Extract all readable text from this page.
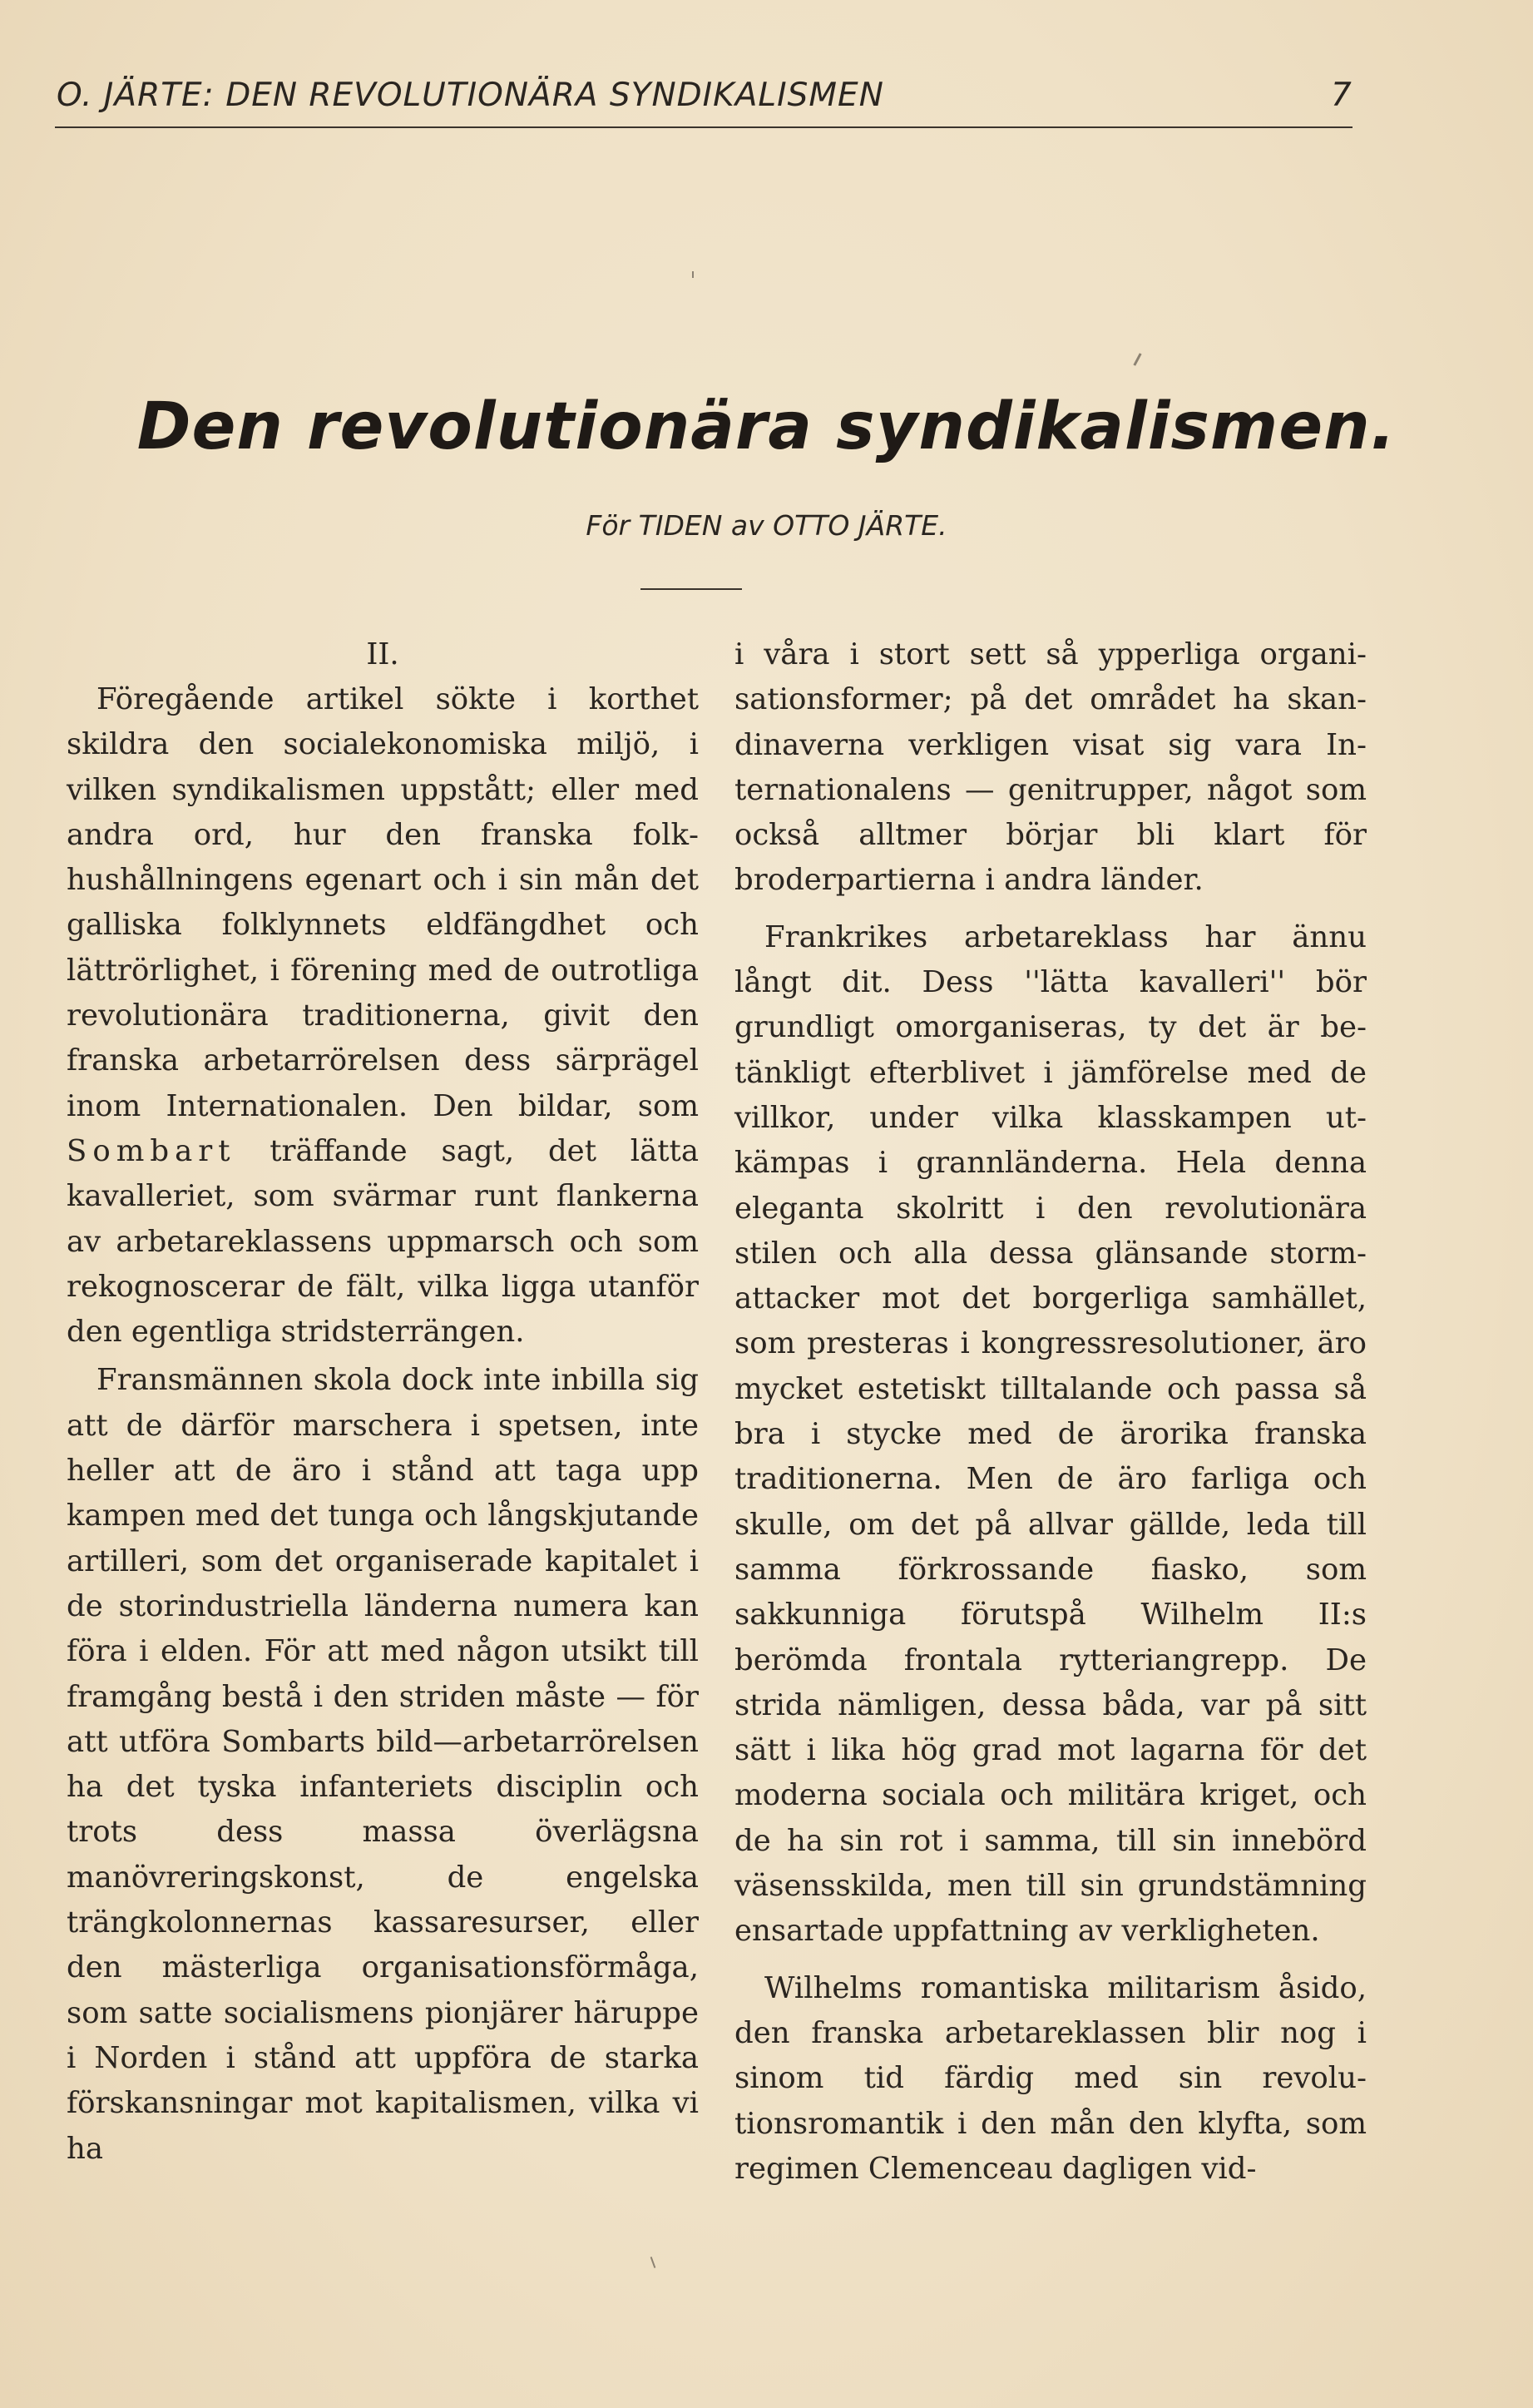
O. JÄRTE: DEN REVOLUTIONÄRA SYNDIKALISMEN	7
Den revolutionära syndikalismen.
För TIDEN av OTTO JÄRTE.

II.

Föregående artikel sökte i korthet skildra den socialekonomiska miljö, i vilken syndikalismen uppstått; eller med andra ord, hur den franska folkhushållningens egenart och i sin mån det galliska folklynnets eldfängdhet och lättrörlighet, i förening med de outrotliga revolutionära traditionerna, givit den franska arbetarrörelsen dess särprägel inom Internationalen. Den bildar, som Sombart träffande sagt, det lätta kavalleriet, som svärmar runt flankerna av arbetareklassens uppmarsch och som rekognoscerar de fält, vilka ligga utanför den egentliga stridsterrängen.

Fransmännen skola dock inte inbilla sig att de därför marschera i spetsen, inte heller att de äro i stånd att taga upp kampen med det tunga och långskjutande artilleri, som det organiserade kapitalet i de storindustriella länderna numera kan föra i elden. För att med någon utsikt till framgång bestå i den striden måste — för att utföra Sombarts bild—arbetarrörelsen ha det tyska infanteriets disciplin och trots dess massa överlägsna manövreringskonst, de engelska trängkolonnernas kassaresurser, eller den mästerliga organisationsförmåga, som satte socialismens pionjärer häruppe i Norden i stånd att uppföra de starka förskansningar mot kapitalismen, vilka vi ha

i våra i stort sett så ypperliga organisationsformer; på det området ha skandinaverna verkligen visat sig vara Internationalens — genitrupper, något som också alltmer börjar bli klart för broderpartierna i andra länder.

Frankrikes arbetareklass har ännu långt dit. Dess ''lätta kavalleri'' bör grundligt omorganiseras, ty det är betänkligt efterblivet i jämförelse med de villkor, under vilka klasskampen utkämpas i grannländerna. Hela denna eleganta skolritt i den revolutionära stilen och alla dessa glänsande stormattacker mot det borgerliga samhället, som presteras i kongressresolutioner, äro mycket estetiskt tilltalande och passa så bra i stycke med de ärorika franska traditionerna. Men de äro farliga och skulle, om det på allvar gällde, leda till samma förkrossande fiasko, som sakkunniga förutspå Wilhelm II:s berömda frontala rytteriangrepp. De strida nämligen, dessa båda, var på sitt sätt i lika hög grad mot lagarna för det moderna sociala och militära kriget, och de ha sin rot i samma, till sin innebörd väsensskilda, men till sin grundstämning ensartade uppfattning av verkligheten.

Wilhelms romantiska militarism åsido, den franska arbetareklassen blir nog i sinom tid färdig med sin revolutionsromantik i den mån den klyfta, som regimen Clemenceau dagligen vid-
